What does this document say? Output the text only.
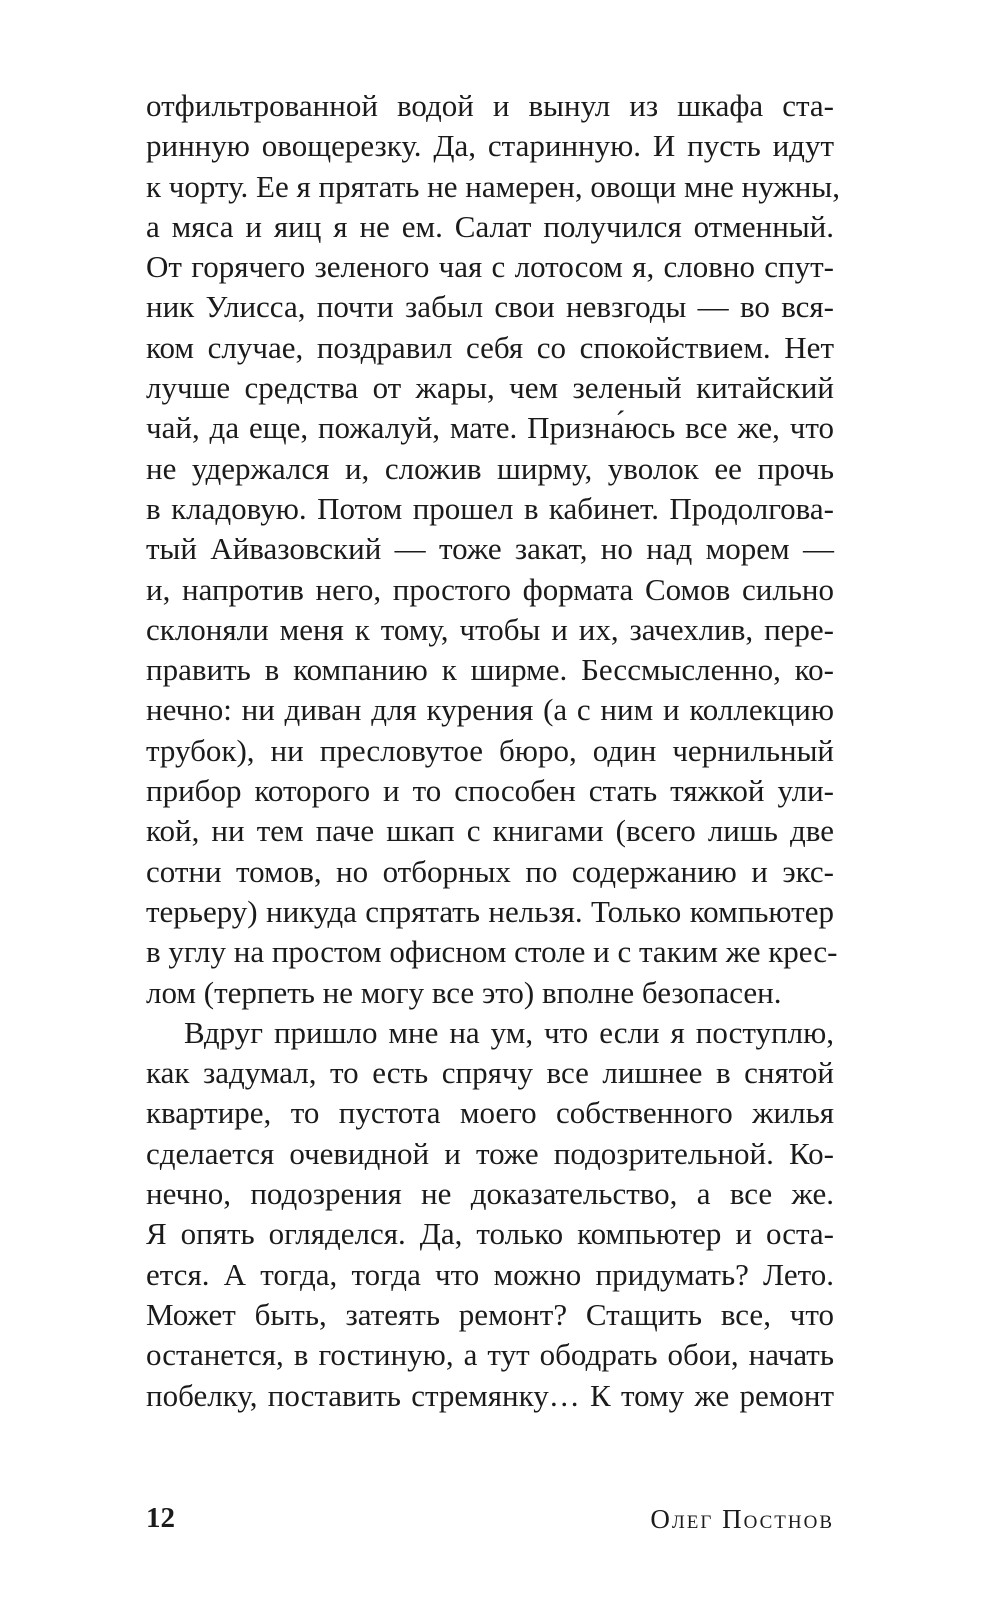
отфильтрованной водой и вынул из шкафа ста-
ринную овощерезку. Да, старинную. И пусть идут
к чорту. Ее я прятать не намерен, овощи мне нужны,
а мяса и яиц я не ем. Салат получился отменный.
От горячего зеленого чая с лотосом я, словно спут-
ник Улисса, почти забыл свои невзгоды — во вся-
ком случае, поздравил себя со спокойствием. Нет
лучше средства от жары, чем зеленый китайский
чай, да еще, пожалуй, мате. Призна́юсь все же, что
не удержался и, сложив ширму, уволок ее прочь
в кладовую. Потом прошел в кабинет. Продолгова-
тый Айвазовский — тоже закат, но над морем —
и, напротив него, простого формата Сомов сильно
склоняли меня к тому, чтобы и их, зачехлив, пере-
править в компанию к ширме. Бессмысленно, ко-
нечно: ни диван для курения (а с ним и коллекцию
трубок), ни пресловутое бюро, один чернильный
прибор которого и то способен стать тяжкой ули-
кой, ни тем паче шкап с книгами (всего лишь две
сотни томов, но отборных по содержанию и экс-
терьеру) никуда спрятать нельзя. Только компьютер
в углу на простом офисном столе и с таким же крес-
лом (терпеть не могу все это) вполне безопасен.
Вдруг пришло мне на ум, что если я поступлю,
как задумал, то есть спрячу все лишнее в снятой
квартире, то пустота моего собственного жилья
сделается очевидной и тоже подозрительной. Ко-
нечно, подозрения не доказательство, а все же.
Я опять огляделся. Да, только компьютер и оста-
ется. А тогда, тогда что можно придумать? Лето.
Может быть, затеять ремонт? Стащить все, что
останется, в гостиную, а тут ободрать обои, начать
побелку, поставить стремянку… К тому же ремонт
12	Олег Постнов
